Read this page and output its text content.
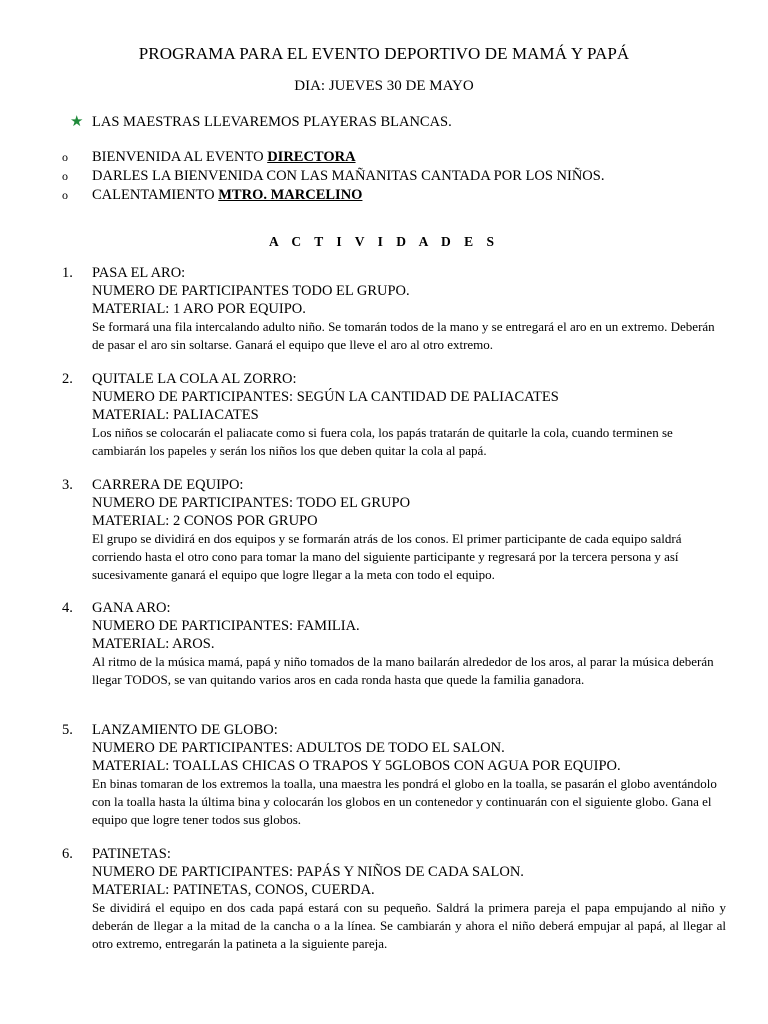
PROGRAMA PARA EL EVENTO DEPORTIVO DE MAMÁ Y PAPÁ
DIA: JUEVES 30 DE MAYO
★ LAS MAESTRAS LLEVAREMOS PLAYERAS BLANCAS.
o	BIENVENIDA AL EVENTO DIRECTORA
o	DARLES LA BIENVENIDA CON LAS MAÑANITAS CANTADA POR LOS NIÑOS.
o	CALENTAMIENTO MTRO. MARCELINO
A C T I V I D A D E S
1.	PASA EL ARO:
NUMERO DE PARTICIPANTES TODO EL GRUPO.
MATERIAL: 1 ARO POR EQUIPO.
Se formará una fila intercalando adulto niño. Se tomarán todos de la mano y se entregará el aro en un extremo. Deberán de pasar el aro sin soltarse. Ganará el equipo que lleve el aro al otro extremo.
2.	QUITALE LA COLA AL ZORRO:
NUMERO DE PARTICIPANTES: SEGÚN LA CANTIDAD DE PALIACATES
MATERIAL: PALIACATES
Los niños se colocarán el paliacate como si fuera cola, los papás tratarán de quitarle la cola, cuando terminen se cambiarán los papeles y serán los niños los que deben quitar la cola al papá.
3.	CARRERA DE EQUIPO:
NUMERO DE PARTICIPANTES: TODO EL GRUPO
MATERIAL: 2 CONOS POR GRUPO
El grupo se dividirá en dos equipos y se formarán atrás de los conos. El primer participante de cada equipo saldrá corriendo hasta el otro cono para tomar la mano del siguiente participante y regresará por la tercera persona y así sucesivamente ganará el equipo que logre llegar a la meta con todo el equipo.
4.	GANA ARO:
NUMERO DE PARTICIPANTES: FAMILIA.
MATERIAL: AROS.
Al ritmo de la música mamá, papá y niño tomados de la mano bailarán alrededor de los aros, al parar la música deberán llegar TODOS, se van quitando varios aros en cada ronda hasta que quede la familia ganadora.
5.	LANZAMIENTO DE GLOBO:
NUMERO DE PARTICIPANTES: ADULTOS DE TODO EL SALON.
MATERIAL: TOALLAS CHICAS O TRAPOS Y 5GLOBOS CON AGUA POR EQUIPO.
En binas tomaran de los extremos la toalla, una maestra les pondrá el globo en la toalla, se pasarán el globo aventándolo con la toalla hasta la última bina y colocarán los globos en un contenedor y continuarán con el siguiente globo. Gana el equipo que logre tener todos sus globos.
6.	PATINETAS:
NUMERO DE PARTICIPANTES: PAPÁS Y NIÑOS DE CADA SALON.
MATERIAL: PATINETAS, CONOS, CUERDA.
Se dividirá el equipo en dos cada papá estará con su pequeño. Saldrá la primera pareja el papa empujando al niño y deberán de llegar a la mitad de la cancha o a la línea. Se cambiarán y ahora el niño deberá empujar al papá, al llegar al otro extremo, entregarán la patineta a la siguiente pareja.
